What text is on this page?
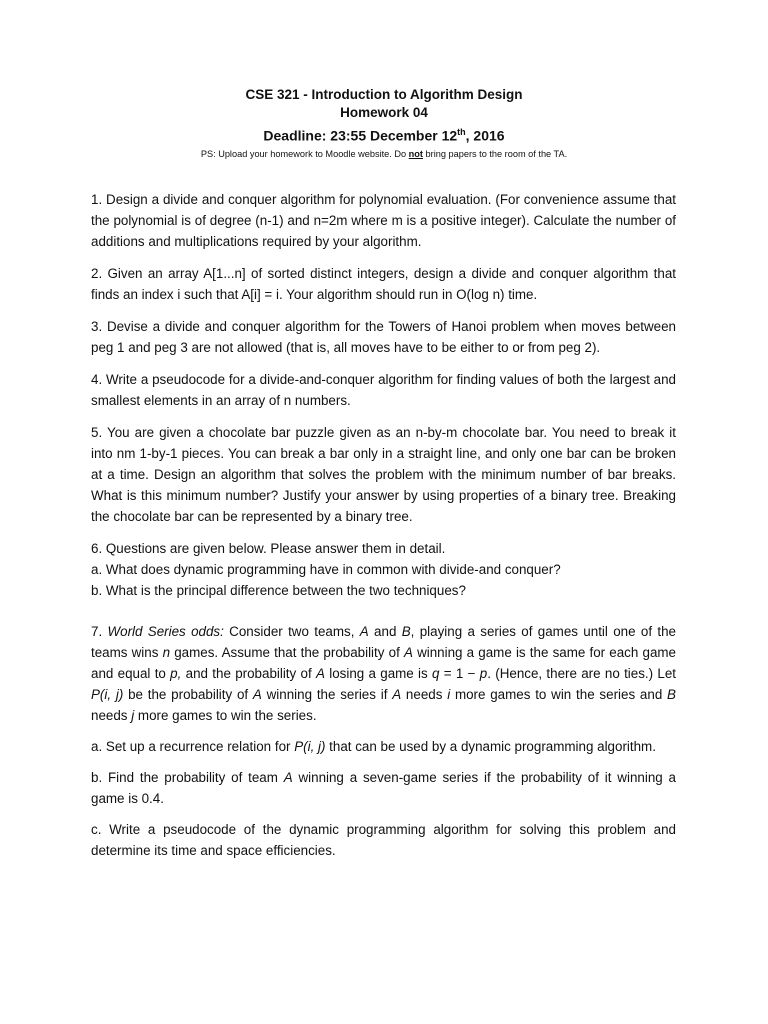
CSE 321 - Introduction to Algorithm Design
Homework 04
Deadline: 23:55 December 12th, 2016
PS: Upload your homework to Moodle website. Do not bring papers to the room of the TA.

1. Design a divide and conquer algorithm for polynomial evaluation. (For convenience assume that the polynomial is of degree (n-1) and n=2m where m is a positive integer). Calculate the number of additions and multiplications required by your algorithm.

2. Given an array A[1...n] of sorted distinct integers, design a divide and conquer algorithm that finds an index i such that A[i] = i. Your algorithm should run in O(log n) time.

3. Devise a divide and conquer algorithm for the Towers of Hanoi problem when moves between peg 1 and peg 3 are not allowed (that is, all moves have to be either to or from peg 2).

4. Write a pseudocode for a divide-and-conquer algorithm for finding values of both the largest and smallest elements in an array of n numbers.

5. You are given a chocolate bar puzzle given as an n-by-m chocolate bar. You need to break it into nm 1-by-1 pieces. You can break a bar only in a straight line, and only one bar can be broken at a time. Design an algorithm that solves the problem with the minimum number of bar breaks. What is this minimum number? Justify your answer by using properties of a binary tree. Breaking the chocolate bar can be represented by a binary tree.

6. Questions are given below. Please answer them in detail.

a. What does dynamic programming have in common with divide-and conquer?

b. What is the principal difference between the two techniques?

7. World Series odds: Consider two teams, A and B, playing a series of games until one of the teams wins n games. Assume that the probability of A winning a game is the same for each game and equal to p, and the probability of A losing a game is q = 1 − p. (Hence, there are no ties.) Let P(i, j) be the probability of A winning the series if A needs i more games to win the series and B needs j more games to win the series.

a. Set up a recurrence relation for P(i, j) that can be used by a dynamic programming algorithm.

b. Find the probability of team A winning a seven-game series if the probability of it winning a game is 0.4.

c. Write a pseudocode of the dynamic programming algorithm for solving this problem and determine its time and space efficiencies.
